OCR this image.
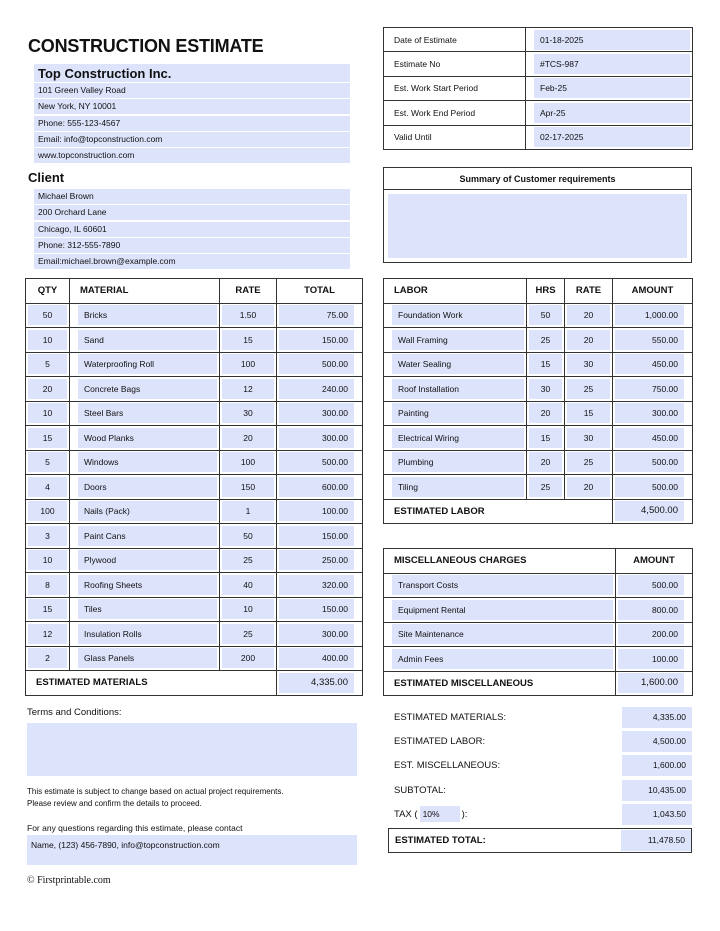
CONSTRUCTION ESTIMATE
Top Construction Inc.
101 Green Valley Road
New York, NY 10001
Phone: 555-123-4567
Email: info@topconstruction.com
www.topconstruction.com
Client
Michael Brown
200 Orchard Lane
Chicago, IL 60601
Phone: 312-555-7890
Email:michael.brown@example.com
Date of Estimate	01-18-2025

Estimate No	#TCS-987

Est. Work Start Period	Feb-25

Est. Work End Period	Apr-25

Valid Until	02-17-2025
Summary of Customer requirements
QTY	MATERIAL	RATE	TOTAL

50	Bricks	1.50	75.00

10	Sand	15	150.00

5	Waterproofing Roll	100	500.00

20	Concrete Bags	12	240.00

10	Steel Bars	30	300.00

15	Wood Planks	20	300.00

5	Windows	100	500.00

4	Doors	150	600.00

100	Nails (Pack)	1	100.00

3	Paint Cans	50	150.00

10	Plywood	25	250.00

8	Roofing Sheets	40	320.00

15	Tiles	10	150.00

12	Insulation Rolls	25	300.00

2	Glass Panels	200	400.00

ESTIMATED MATERIALS			4,335.00
LABOR	HRS	RATE	AMOUNT

Foundation Work	50	20	1,000.00

Wall Framing	25	20	550.00

Water Sealing	15	30	450.00

Roof Installation	30	25	750.00

Painting	20	15	300.00

Electrical Wiring	15	30	450.00

Plumbing	20	25	500.00

Tiling	25	20	500.00

ESTIMATED LABOR			4,500.00
MISCELLANEOUS CHARGES	AMOUNT

Transport Costs	500.00

Equipment Rental	800.00

Site Maintenance	200.00

Admin Fees	100.00

ESTIMATED MISCELLANEOUS	1,600.00
Terms and Conditions:
This estimate is subject to change based on actual project requirements.
Please review and confirm the details to proceed.
For any questions regarding this estimate, please contact
Name, (123) 456-7890, info@topconstruction.com
© Firstprintable.com
ESTIMATED MATERIALS:	4,335.00
ESTIMATED LABOR:	4,500.00
EST. MISCELLANEOUS:	1,600.00
SUBTOTAL:	10,435.00
TAX ( 10% ):	1,043.50
ESTIMATED TOTAL:	11,478.50
